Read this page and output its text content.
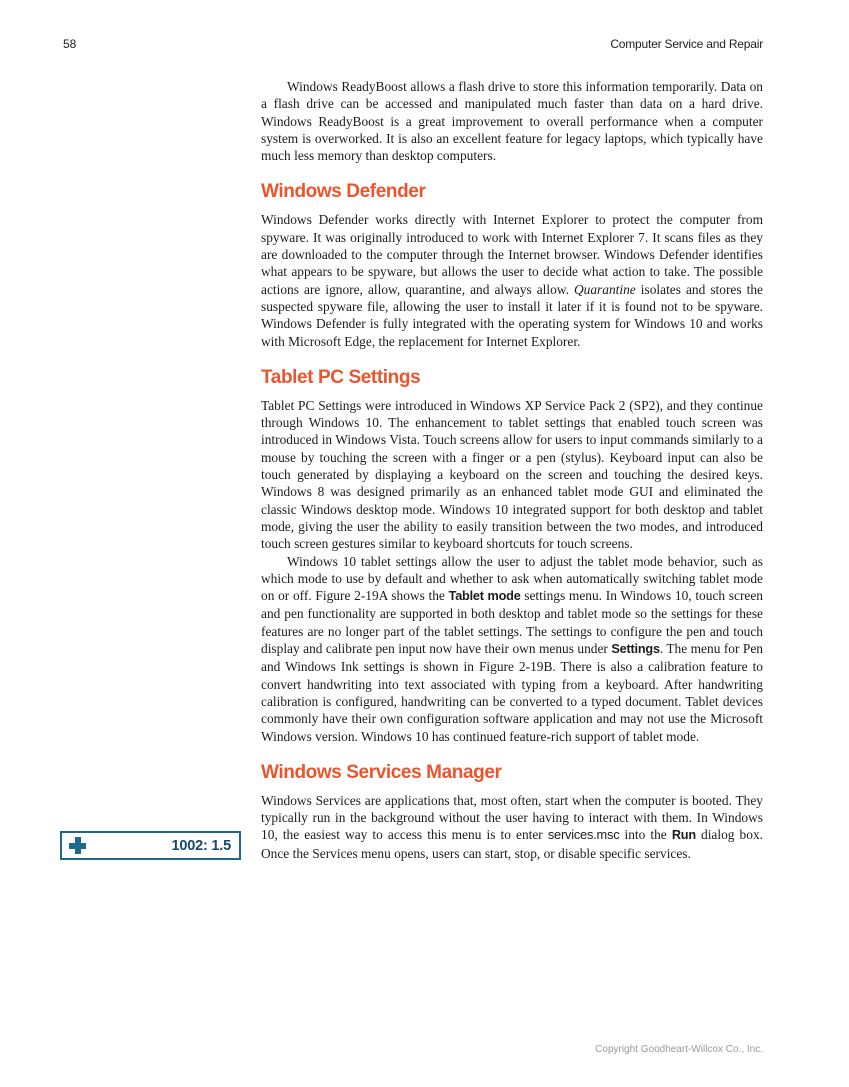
58	Computer Service and Repair

Windows ReadyBoost allows a flash drive to store this information temporarily. Data on a flash drive can be accessed and manipulated much faster than data on a hard drive. Windows ReadyBoost is a great improvement to overall performance when a computer system is overworked. It is also an excellent feature for legacy laptops, which typically have much less memory than desktop computers.

Windows Defender

Windows Defender works directly with Internet Explorer to protect the computer from spyware. It was originally introduced to work with Internet Explorer 7. It scans files as they are downloaded to the computer through the Internet browser. Windows Defender identifies what appears to be spyware, but allows the user to decide what action to take. The possible actions are ignore, allow, quarantine, and always allow. Quarantine isolates and stores the suspected spyware file, allowing the user to install it later if it is found not to be spyware. Windows Defender is fully integrated with the operating system for Windows 10 and works with Microsoft Edge, the replacement for Internet Explorer.

Tablet PC Settings

Tablet PC Settings were introduced in Windows XP Service Pack 2 (SP2), and they continue through Windows 10. The enhancement to tablet settings that enabled touch screen was introduced in Windows Vista. Touch screens allow for users to input commands similarly to a mouse by touching the screen with a finger or a pen (stylus). Keyboard input can also be touch generated by displaying a keyboard on the screen and touching the desired keys. Windows 8 was designed primarily as an enhanced tablet mode GUI and eliminated the classic Windows desktop mode. Windows 10 integrated support for both desktop and tablet mode, giving the user the ability to easily transition between the two modes, and introduced touch screen gestures similar to keyboard shortcuts for touch screens.

Windows 10 tablet settings allow the user to adjust the tablet mode behavior, such as which mode to use by default and whether to ask when automatically switching tablet mode on or off. Figure 2-19A shows the Tablet mode settings menu. In Windows 10, touch screen and pen functionality are supported in both desktop and tablet mode so the settings for these features are no longer part of the tablet settings. The settings to configure the pen and touch display and calibrate pen input now have their own menus under Settings. The menu for Pen and Windows Ink settings is shown in Figure 2-19B. There is also a calibration feature to convert handwriting into text associated with typing from a keyboard. After handwriting calibration is configured, handwriting can be converted to a typed document. Tablet devices commonly have their own configuration software application and may not use the Microsoft Windows version. Windows 10 has continued feature-rich support of tablet mode.

Windows Services Manager

Windows Services are applications that, most often, start when the computer is booted. They typically run in the background without the user having to interact with them. In Windows 10, the easiest way to access this menu is to enter services.msc into the Run dialog box. Once the Services menu opens, users can start, stop, or disable specific services.

1002: 1.5
Copyright Goodheart-Willcox Co., Inc.
